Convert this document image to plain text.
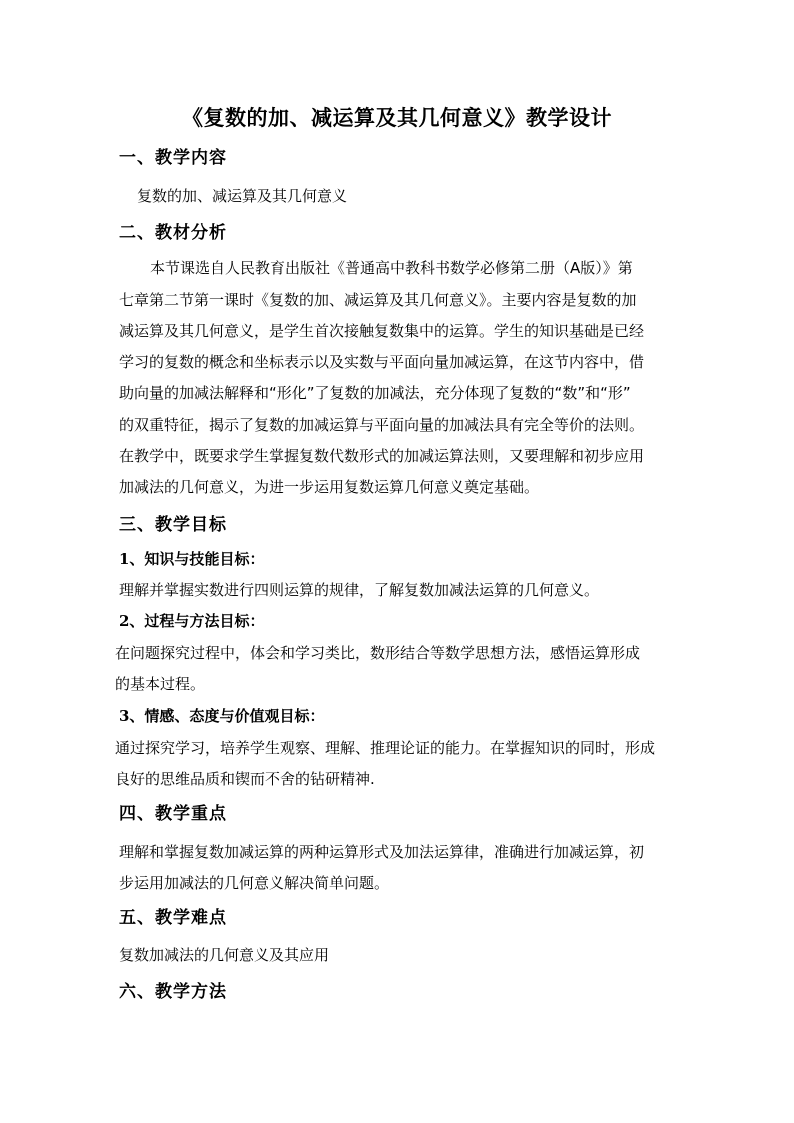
《复数的加、减运算及其几何意义》教学设计
一、教学内容
复数的加、减运算及其几何意义
二、教材分析
本节课选自人民教育出版社《普通高中教科书数学必修第二册（A版）》第
七章第二节第一课时《复数的加、减运算及其几何意义》。主要内容是复数的加
减运算及其几何意义，是学生首次接触复数集中的运算。学生的知识基础是已经
学习的复数的概念和坐标表示以及实数与平面向量加减运算，在这节内容中，借
助向量的加减法解释和“形化”了复数的加减法，充分体现了复数的“数”和“形”
的双重特征，揭示了复数的加减运算与平面向量的加减法具有完全等价的法则。
在教学中，既要求学生掌握复数代数形式的加减运算法则，又要理解和初步应用
加减法的几何意义，为进一步运用复数运算几何意义奠定基础。
三、教学目标
1、知识与技能目标：
理解并掌握实数进行四则运算的规律，了解复数加减法运算的几何意义。
2、过程与方法目标：
在问题探究过程中，体会和学习类比，数形结合等数学思想方法，感悟运算形成
的基本过程。
3、情感、态度与价值观目标：
通过探究学习，培养学生观察、理解、推理论证的能力。在掌握知识的同时，形成
良好的思维品质和锲而不舍的钻研精神.
四、教学重点
理解和掌握复数加减运算的两种运算形式及加法运算律，准确进行加减运算，初
步运用加减法的几何意义解决简单问题。
五、教学难点
复数加减法的几何意义及其应用
六、教学方法
